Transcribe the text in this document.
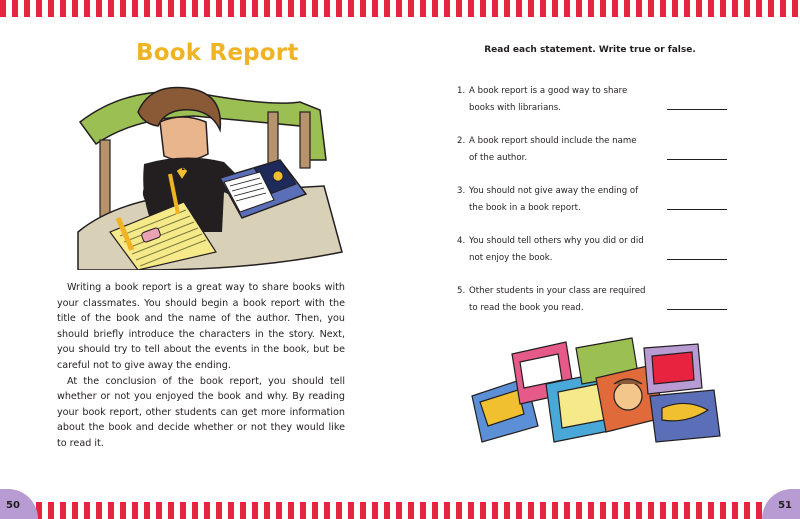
50	51
Book Report

Writing a book report is a great way to share books with your classmates. You should begin a book report with the title of the book and the name of the author. Then, you should briefly introduce the characters in the story. Next, you should try to tell about the events in the book, but be careful not to give away the ending.

At the conclusion of the book report, you should tell whether or not you enjoyed the book and why. By reading your book report, other students can get more information about the book and decide whether or not they would like to read it.

Read each statement. Write true or false.
1. A book report is a good way to share
books with librarians.
2. A book report should include the name
of the author.
3. You should not give away the ending of
the book in a book report.
4. You should tell others why you did or did
not enjoy the book.
5. Other students in your class are required
to read the book you read.
